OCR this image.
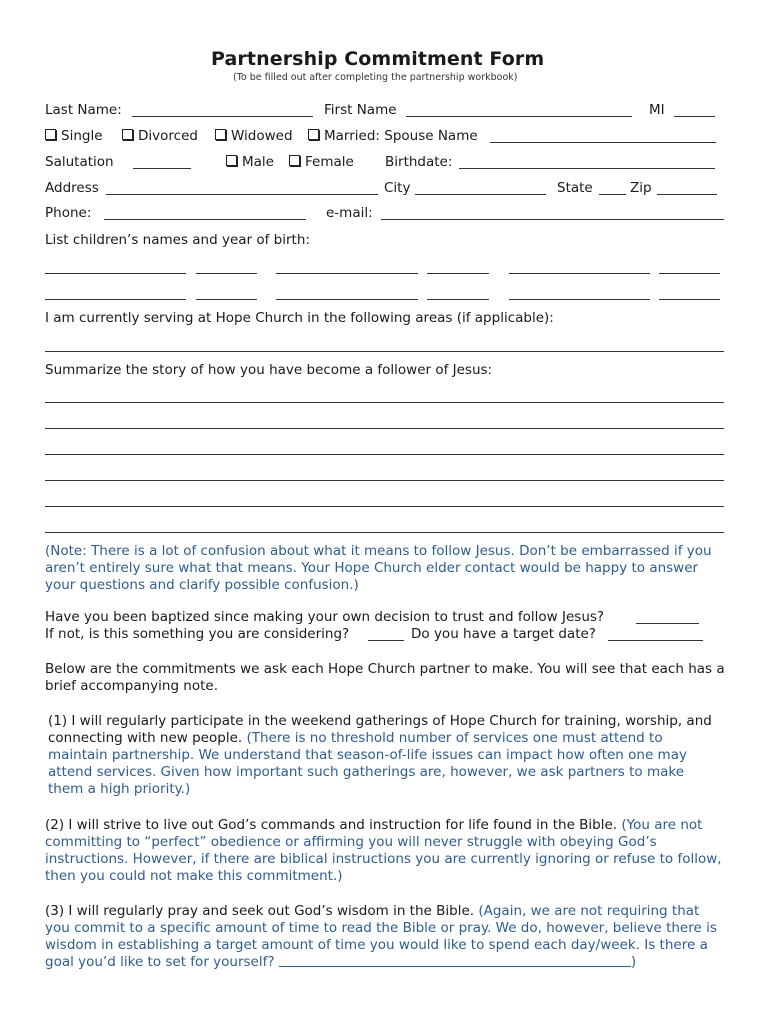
Partnership Commitment Form
(To be filled out after completing the partnership workbook)
Last Name:	First Name	MI
Single	Divorced	Widowed	Married: Spouse Name
Salutation	Male	Female Birthdate:
Address	City	State	Zip
Phone:	e-mail:
List children’s names and year of birth:
I am currently serving at Hope Church in the following areas (if applicable):
Summarize the story of how you have become a follower of Jesus:
(Note: There is a lot of confusion about what it means to follow Jesus. Don’t be embarrassed if you aren’t entirely sure what that means. Your Hope Church elder contact would be happy to answer your questions and clarify possible confusion.)
Have you been baptized since making your own decision to trust and follow Jesus?
If not, is this something you are considering?	Do you have a target date?
Below are the commitments we ask each Hope Church partner to make. You will see that each has a brief accompanying note.
(1) I will regularly participate in the weekend gatherings of Hope Church for training, worship, and connecting with new people. (There is no threshold number of services one must attend to maintain partnership. We understand that season-of-life issues can impact how often one may attend services. Given how important such gatherings are, however, we ask partners to make them a high priority.)
(2) I will strive to live out God’s commands and instruction for life found in the Bible. (You are not committing to “perfect” obedience or affirming you will never struggle with obeying God’s instructions. However, if there are biblical instructions you are currently ignoring or refuse to follow, then you could not make this commitment.)
(3) I will regularly pray and seek out God’s wisdom in the Bible. (Again, we are not requiring that you commit to a specific amount of time to read the Bible or pray. We do, however, believe there is wisdom in establishing a target amount of time you would like to spend each day/week. Is there a goal you’d like to set for yourself?	)
